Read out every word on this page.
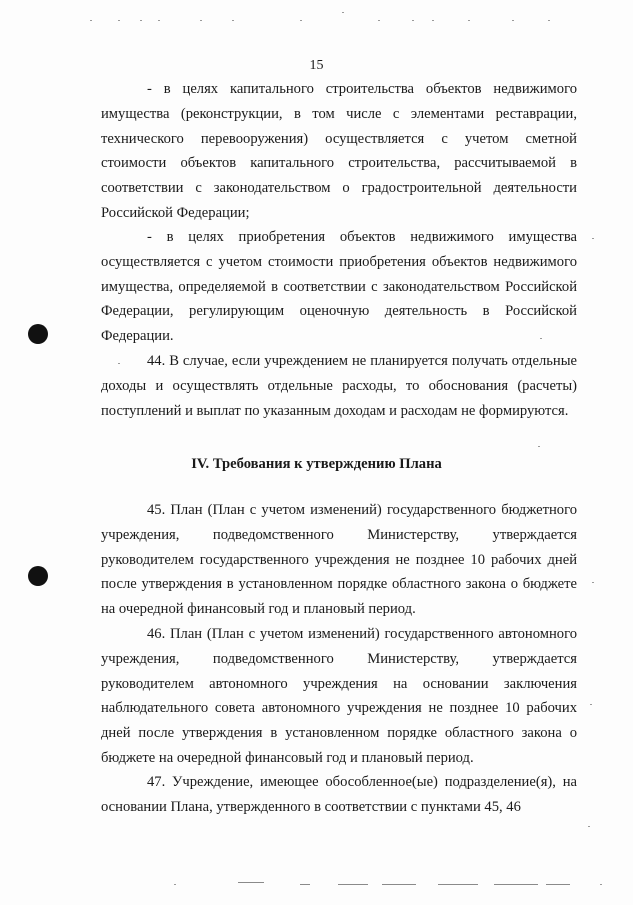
15

- в целях капитального строительства объектов недвижимого имущества (реконструкции, в том числе с элементами реставрации, технического перевооружения) осуществляется с учетом сметной стоимости объектов капитального строительства, рассчитываемой в соответствии с законодательством о градостроительной деятельности Российской Федерации;

- в целях приобретения объектов недвижимого имущества осуществляется с учетом стоимости приобретения объектов недвижимого имущества, определяемой в соответствии с законодательством Российской Федерации, регулирующим оценочную деятельность в Российской Федерации.

44. В случае, если учреждением не планируется получать отдельные доходы и осуществлять отдельные расходы, то обоснования (расчеты) поступлений и выплат по указанным доходам и расходам не формируются.

IV. Требования к утверждению Плана

45. План (План с учетом изменений) государственного бюджетного учреждения, подведомственного Министерству, утверждается руководителем государственного учреждения не позднее 10 рабочих дней после утверждения в установленном порядке областного закона о бюджете на очередной финансовый год и плановый период.

46. План (План с учетом изменений) государственного автономного учреждения, подведомственного Министерству, утверждается руководителем автономного учреждения на основании заключения наблюдательного совета автономного учреждения не позднее 10 рабочих дней после утверждения в установленном порядке областного закона о бюджете на очередной финансовый год и плановый период.

47. Учреждение, имеющее обособленное(ые) подразделение(я), на основании Плана, утвержденного в соответствии с пунктами 45, 46
